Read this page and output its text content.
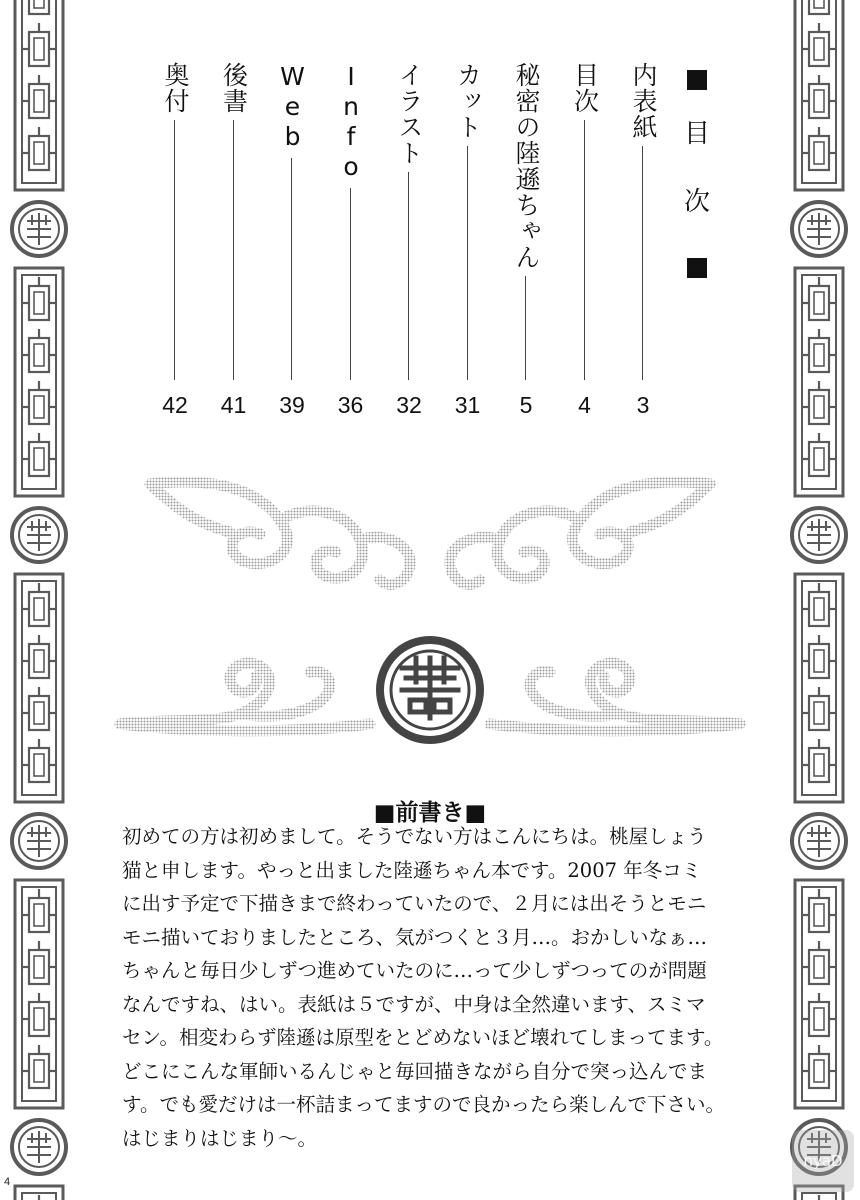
目
次
内表紙
3
目次
4
秘密の陸遜ちゃん
5
カット
31
イラスト
32
Info
36
Web
39
後書
41
奥付
42
■前書き■
初めての方は初めまして。そうでない方はこんにちは。桃屋しょう
猫と申します。やっと出ました陸遜ちゃん本です。2007 年冬コミ
に出す予定で下描きまで終わっていたので、２月には出そうとモニ
モニ描いておりましたところ、気がつくと３月…。おかしいなぁ…
ちゃんと毎日少しずつ進めていたのに…って少しずつってのが問題
なんですね、はい。表紙は５ですが、中身は全然違います、スミマ
セン。相変わらず陸遜は原型をとどめないほど壊れてしまってます。
どこにこんな軍師いるんじゃと毎回描きながら自分で突っ込んでま
す。でも愛だけは一杯詰まってますので良かったら楽しんで下さい。
はじまりはじまり～。
4
nyaD
